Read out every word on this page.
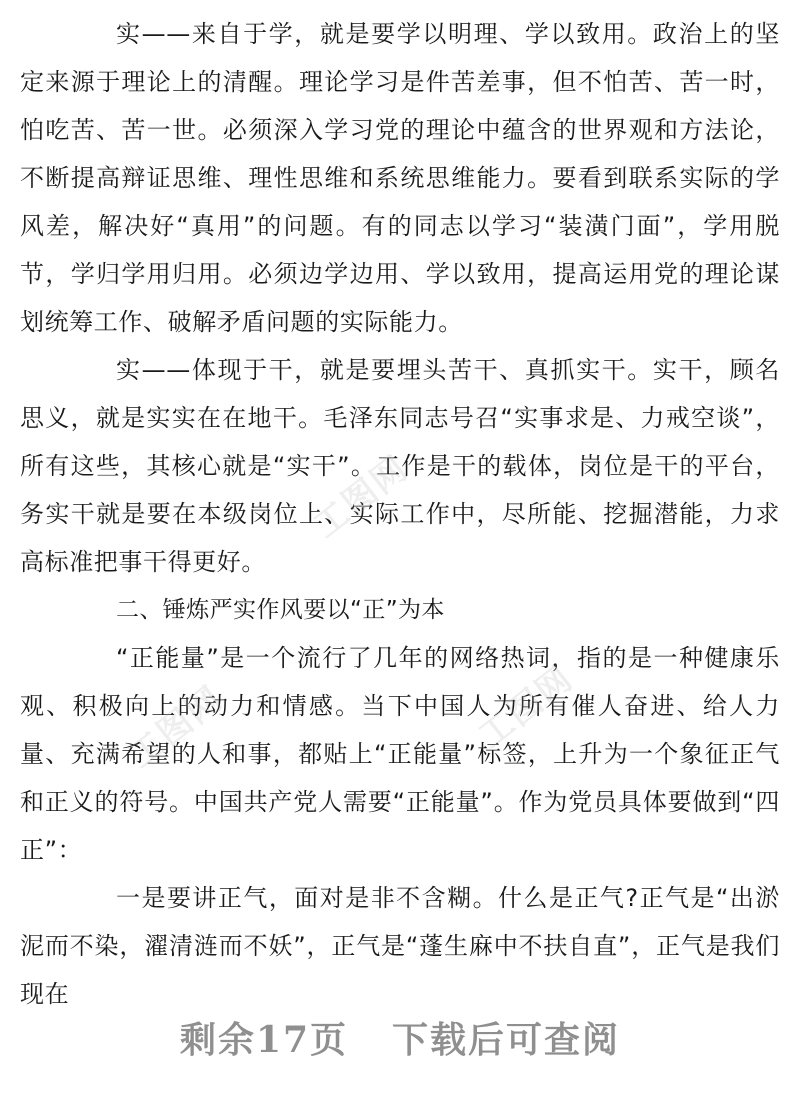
实——来自于学，就是要学以明理、学以致用。政治上的坚定来源于理论上的清醒。理论学习是件苦差事，但不怕苦、苦一时，怕吃苦、苦一世。必须深入学习党的理论中蕴含的世界观和方法论，不断提高辩证思维、理性思维和系统思维能力。要看到联系实际的学风差，解决好“真用”的问题。有的同志以学习“装潢门面”，学用脱节，学归学用归用。必须边学边用、学以致用，提高运用党的理论谋划统筹工作、破解矛盾问题的实际能力。

实——体现于干，就是要埋头苦干、真抓实干。实干，顾名思义，就是实实在在地干。毛泽东同志号召“实事求是、力戒空谈”，所有这些，其核心就是“实干”。工作是干的载体，岗位是干的平台，务实干就是要在本级岗位上、实际工作中，尽所能、挖掘潜能，力求高标准把事干得更好。

二、锤炼严实作风要以“正”为本

“正能量”是一个流行了几年的网络热词，指的是一种健康乐观、积极向上的动力和情感。当下中国人为所有催人奋进、给人力量、充满希望的人和事，都贴上“正能量”标签，上升为一个象征正气和正义的符号。中国共产党人需要“正能量”。作为党员具体要做到“四正”：

一是要讲正气，面对是非不含糊。什么是正气?正气是“出淤泥而不染，濯清涟而不妖”，正气是“蓬生麻中不扶自直”，正气是我们现在

工图网
工图网	工图网
剩余17页 下载后可查阅
